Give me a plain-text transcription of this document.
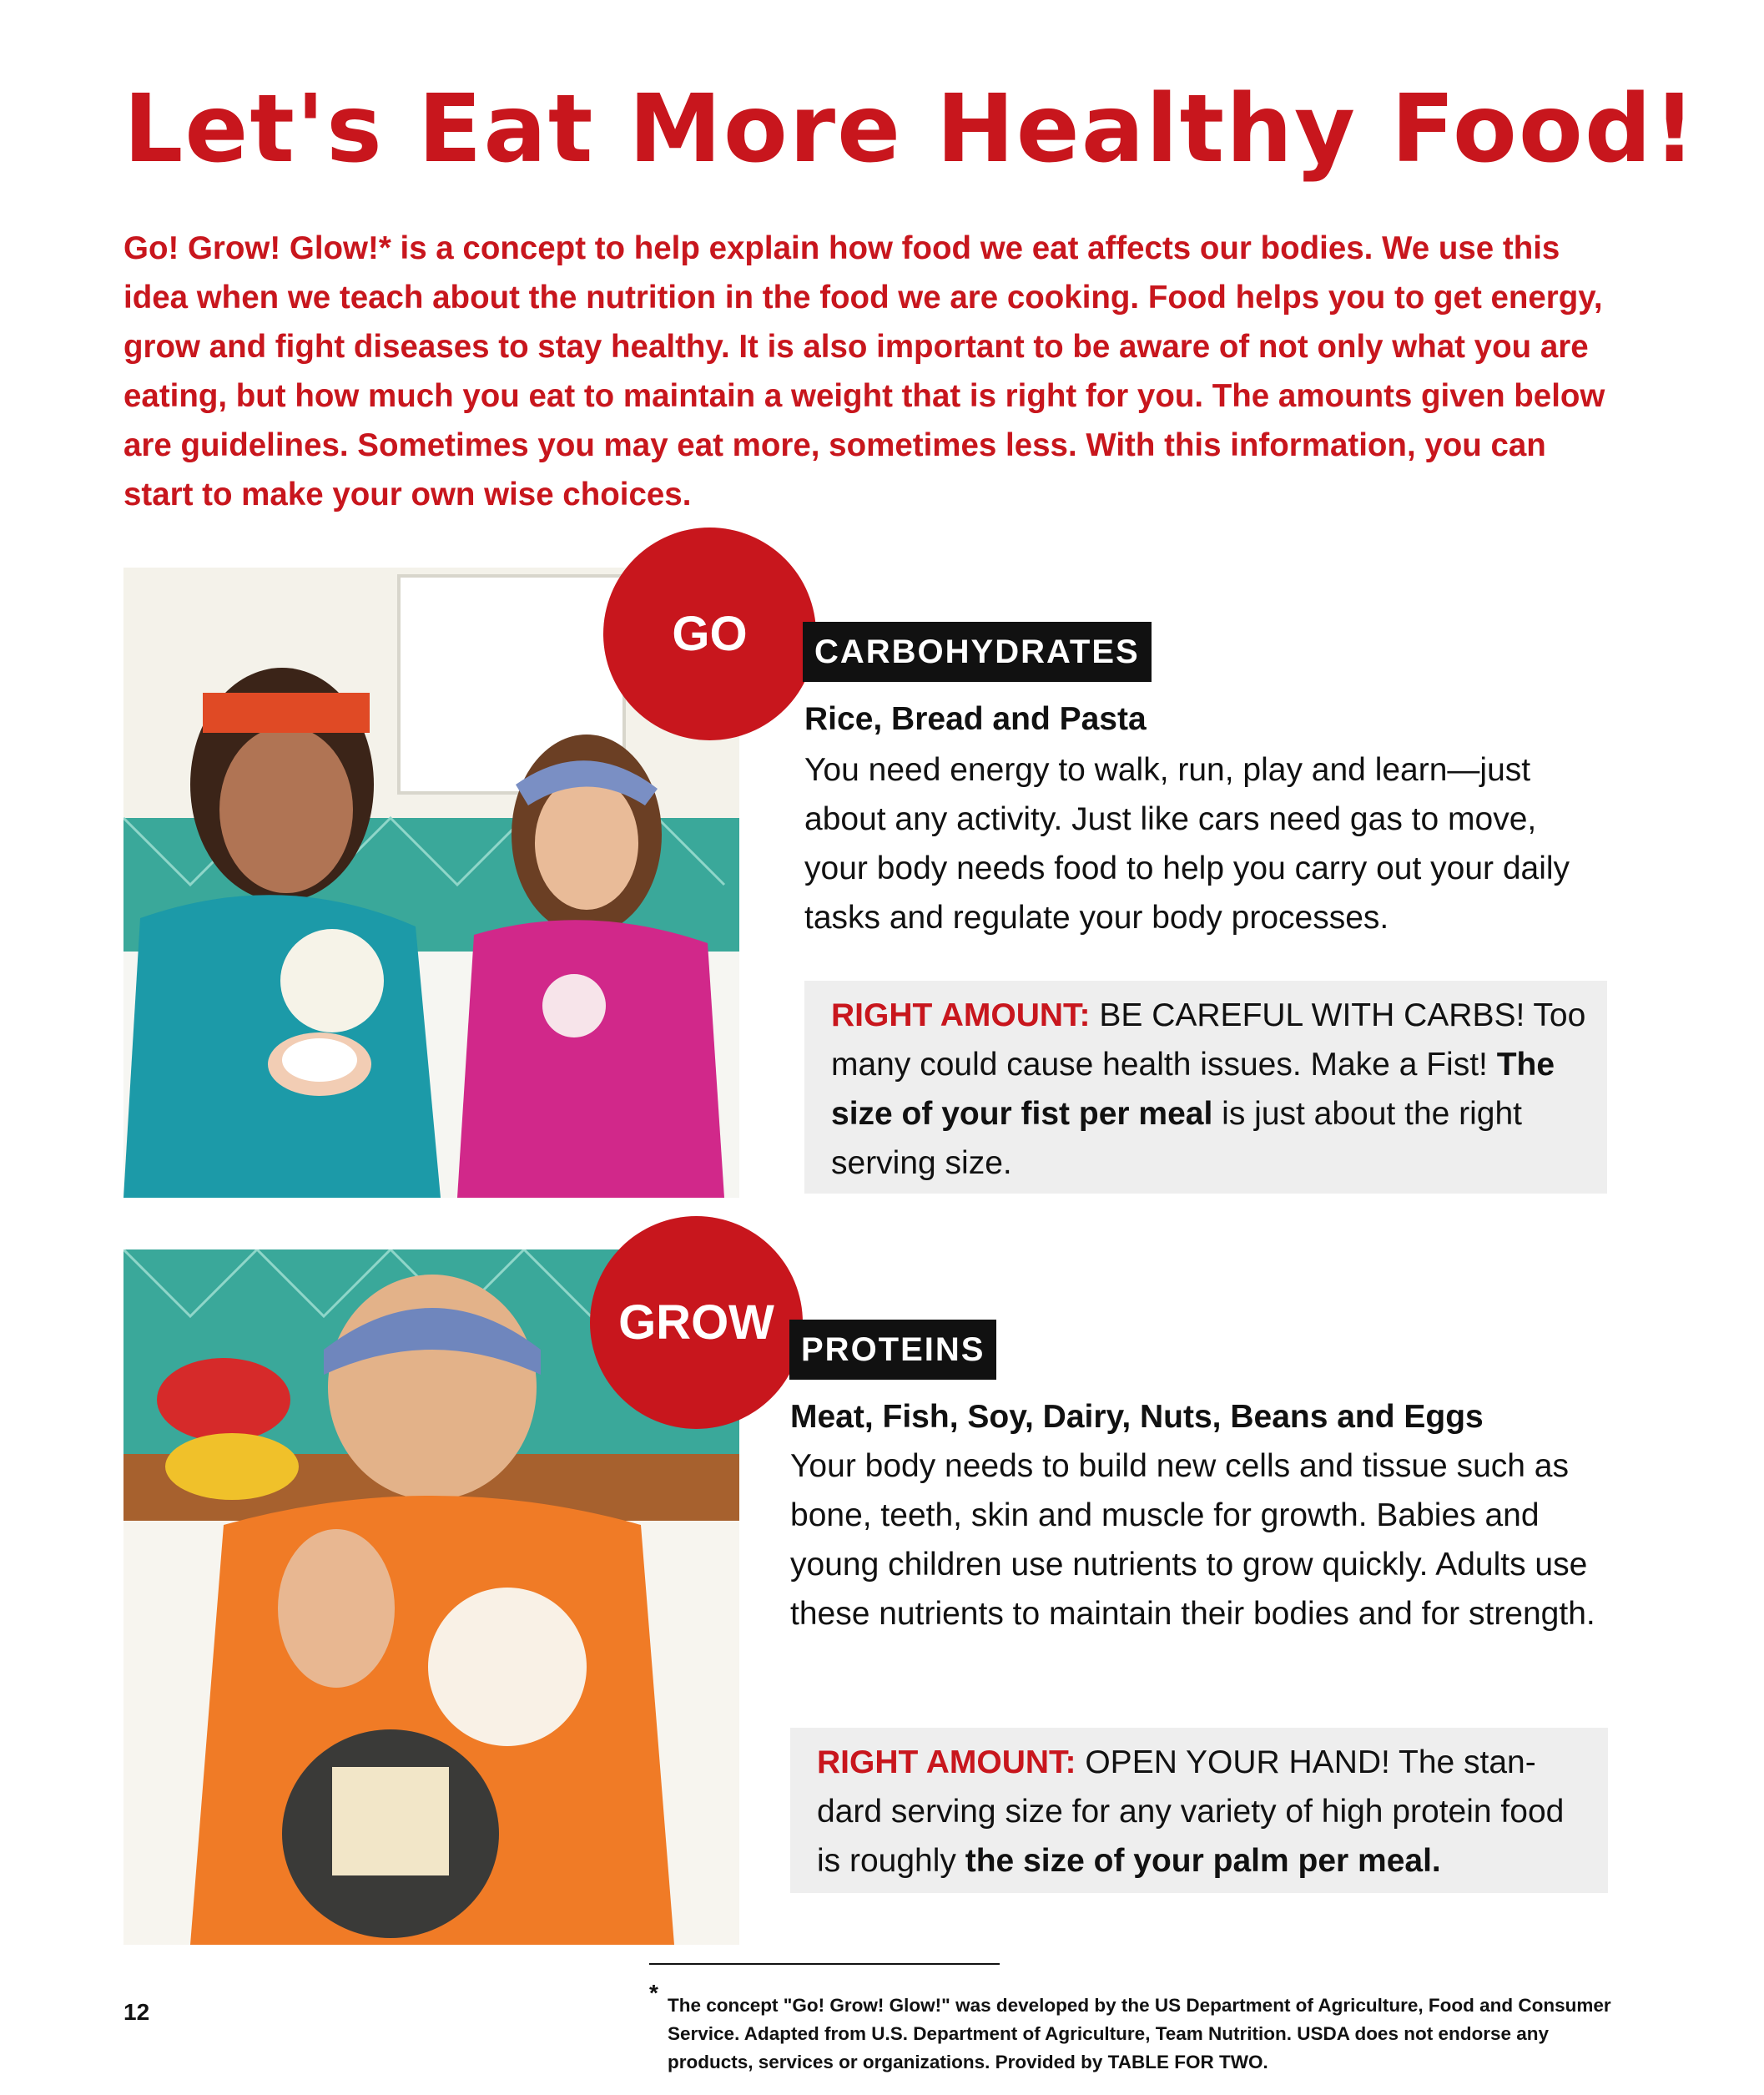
Let's Eat More Healthy Food!

Go! Grow! Glow!* is a concept to help explain how food we eat affects our bodies. We use this idea when we teach about the nutrition in the food we are cooking. Food helps you to get energy, grow and fight diseases to stay healthy. It is also important to be aware of not only what you are eating, but how much you eat to maintain a weight that is right for you. The amounts given below are guidelines. Sometimes you may eat more, sometimes less. With this information, you can start to make your own wise choices.

GO	CARBOHYDRATES

Rice, Bread and Pasta

You need energy to walk, run, play and learn—just about any activity. Just like cars need gas to move, your body needs food to help you carry out your daily tasks and regulate your body processes.

RIGHT AMOUNT: BE CAREFUL WITH CARBS! Too many could cause health issues. Make a Fist! The size of your fist per meal is just about the right serving size.
GROW PROTEINS

Meat, Fish, Soy, Dairy, Nuts, Beans and Eggs

Your body needs to build new cells and tissue such as bone, teeth, skin and muscle for growth. Babies and young children use nutrients to grow quickly. Adults use these nutrients to maintain their bodies and for strength.

RIGHT AMOUNT: OPEN YOUR HAND! The stan-dard serving size for any variety of high protein food is roughly the size of your palm per meal.
12
* The concept "Go! Grow! Glow!" was developed by the US Department of Agriculture, Food and Consumer Service. Adapted from U.S. Department of Agriculture, Team Nutrition. USDA does not endorse any products, services or organizations. Provided by TABLE FOR TWO.
